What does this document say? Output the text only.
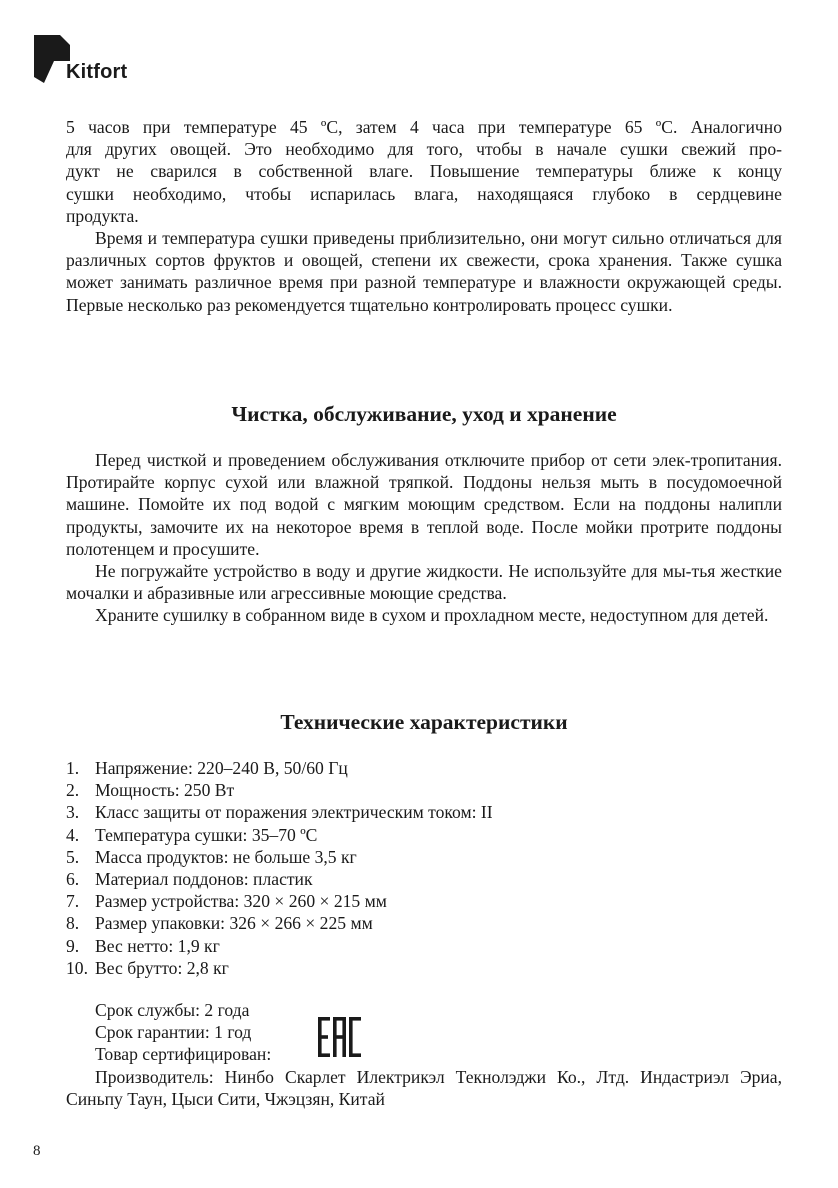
Kitfort
5 часов при температуре 45 ºС, затем 4 часа при температуре 65 ºС. Аналогично
для других овощей. Это необходимо для того, чтобы в начале сушки свежий про-
дукт не сварился в собственной влаге. Повышение температуры ближе к концу
сушки необходимо, чтобы испарилась влага, находящаяся глубоко в сердцевине
продукта.

Время и температура сушки приведены приблизительно, они могут сильно отличаться для различных сортов фруктов и овощей, степени их свежести, срока хранения. Также сушка может занимать различное время при разной температуре и влажности окружающей среды. Первые несколько раз рекомендуется тщательно контролировать процесс сушки.

Чистка, обслуживание, уход и хранение

Перед чисткой и проведением обслуживания отключите прибор от сети элек-тропитания. Протирайте корпус сухой или влажной тряпкой. Поддоны нельзя мыть в посудомоечной машине. Помойте их под водой с мягким моющим средством. Если на поддоны налипли продукты, замочите их на некоторое время в теплой воде. После мойки протрите поддоны полотенцем и просушите.

Не погружайте устройство в воду и другие жидкости. Не используйте для мы-тья жесткие мочалки и абразивные или агрессивные моющие средства.

Храните сушилку в собранном виде в сухом и прохладном месте, недоступном для детей.

Технические характеристики
1. Напряжение: 220–240 В, 50/60 Гц
2. Мощность: 250 Вт
3. Класс защиты от поражения электрическим током: II
4. Температура сушки: 35–70 ºС
5. Масса продуктов: не больше 3,5 кг
6. Материал поддонов: пластик
7. Размер устройства: 320 × 260 × 215 мм
8. Размер упаковки: 326 × 266 × 225 мм
9. Вес нетто: 1,9 кг
10. Вес брутто: 2,8 кг
Срок службы: 2 года
Срок гарантии: 1 год
Товар сертифицирован:

Производитель: Нинбо Скарлет Илектрикэл Текнолэджи Ко., Лтд. Индастриэл Эриа, Синьпу Таун, Цыси Сити, Чжэцзян, Китай

8
